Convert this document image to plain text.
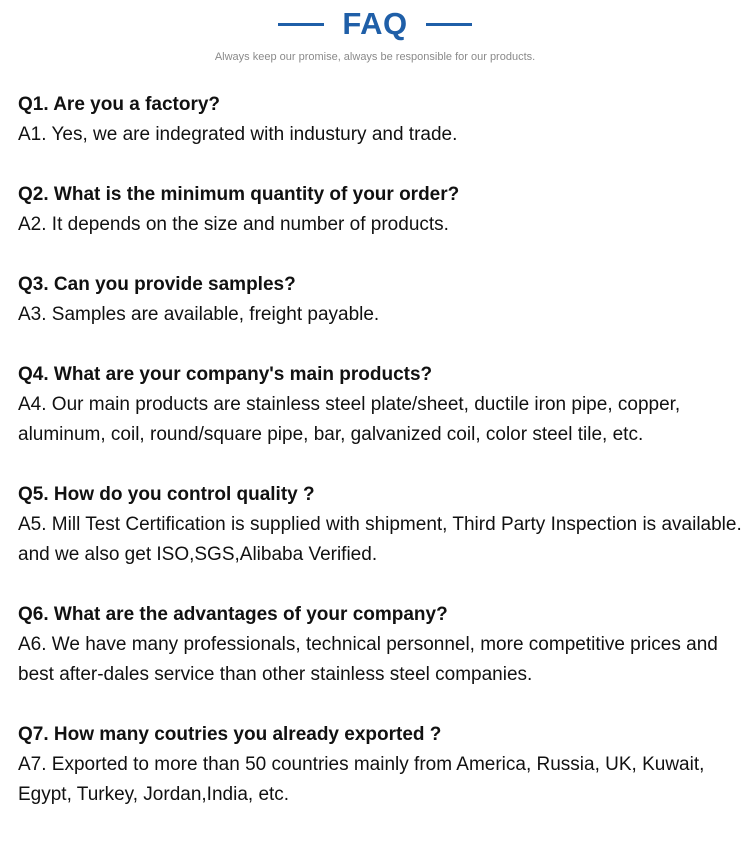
FAQ
Always keep our promise, always be responsible for our products.
Q1. Are you a factory?
A1. Yes, we are indegrated with industury and trade.
Q2. What is the minimum quantity of your order?
A2. It depends on the size and number of products.
Q3. Can you provide samples?
A3. Samples are available, freight payable.
Q4. What are your company's main products?
A4. Our main products are stainless steel plate/sheet, ductile iron pipe, copper, aluminum, coil, round/square pipe, bar, galvanized coil, color steel tile, etc.
Q5. How do you control quality ?
A5. Mill Test Certification is supplied with shipment, Third Party Inspection is available. and we also get ISO,SGS,Alibaba Verified.
Q6. What are the advantages of your company?
A6. We have many professionals, technical personnel, more competitive prices and best after-dales service than other stainless steel companies.
Q7. How many coutries you already exported ?
A7. Exported to more than 50 countries mainly from America, Russia, UK, Kuwait, Egypt, Turkey, Jordan,India, etc.
